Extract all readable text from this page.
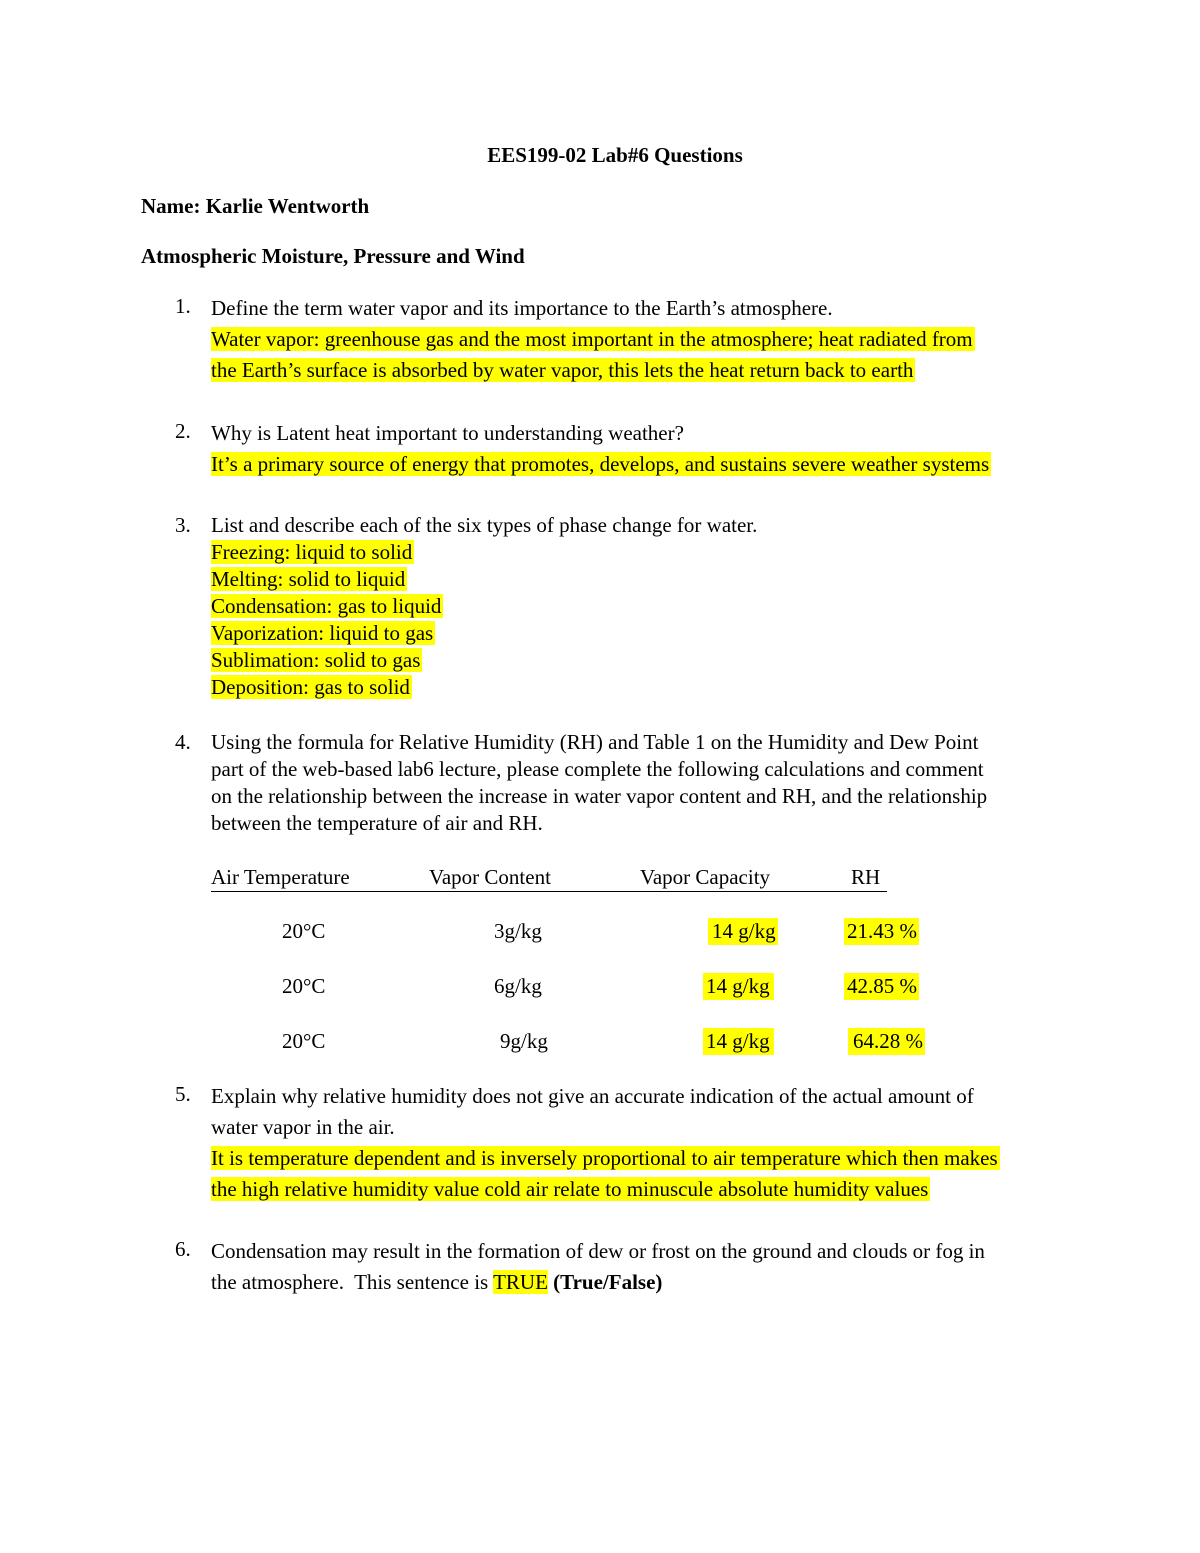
EES199-02 Lab#6 Questions
Name: Karlie Wentworth
Atmospheric Moisture, Pressure and Wind
1. Define the term water vapor and its importance to the Earth’s atmosphere.
Water vapor: greenhouse gas and the most important in the atmosphere; heat radiated from
the Earth’s surface is absorbed by water vapor, this lets the heat return back to earth
2. Why is Latent heat important to understanding weather?
It’s a primary source of energy that promotes, develops, and sustains severe weather systems
3. List and describe each of the six types of phase change for water.
Freezing: liquid to solid
Melting: solid to liquid
Condensation: gas to liquid
Vaporization: liquid to gas
Sublimation: solid to gas
Deposition: gas to solid
4. Using the formula for Relative Humidity (RH) and Table 1 on the Humidity and Dew Point
part of the web-based lab6 lecture, please complete the following calculations and comment
on the relationship between the increase in water vapor content and RH, and the relationship
between the temperature of air and RH.
Air Temperature	Vapor Content	Vapor Capacity	RH
20°C	3g/kg	14 g/kg	21.43 %
20°C	6g/kg	14 g/kg	42.85 %
20°C	9g/kg	14 g/kg	64.28 %
5. Explain why relative humidity does not give an accurate indication of the actual amount of
water vapor in the air.
It is temperature dependent and is inversely proportional to air temperature which then makes
the high relative humidity value cold air relate to minuscule absolute humidity values
6. Condensation may result in the formation of dew or frost on the ground and clouds or fog in
the atmosphere.  This sentence is TRUE (True/False)
